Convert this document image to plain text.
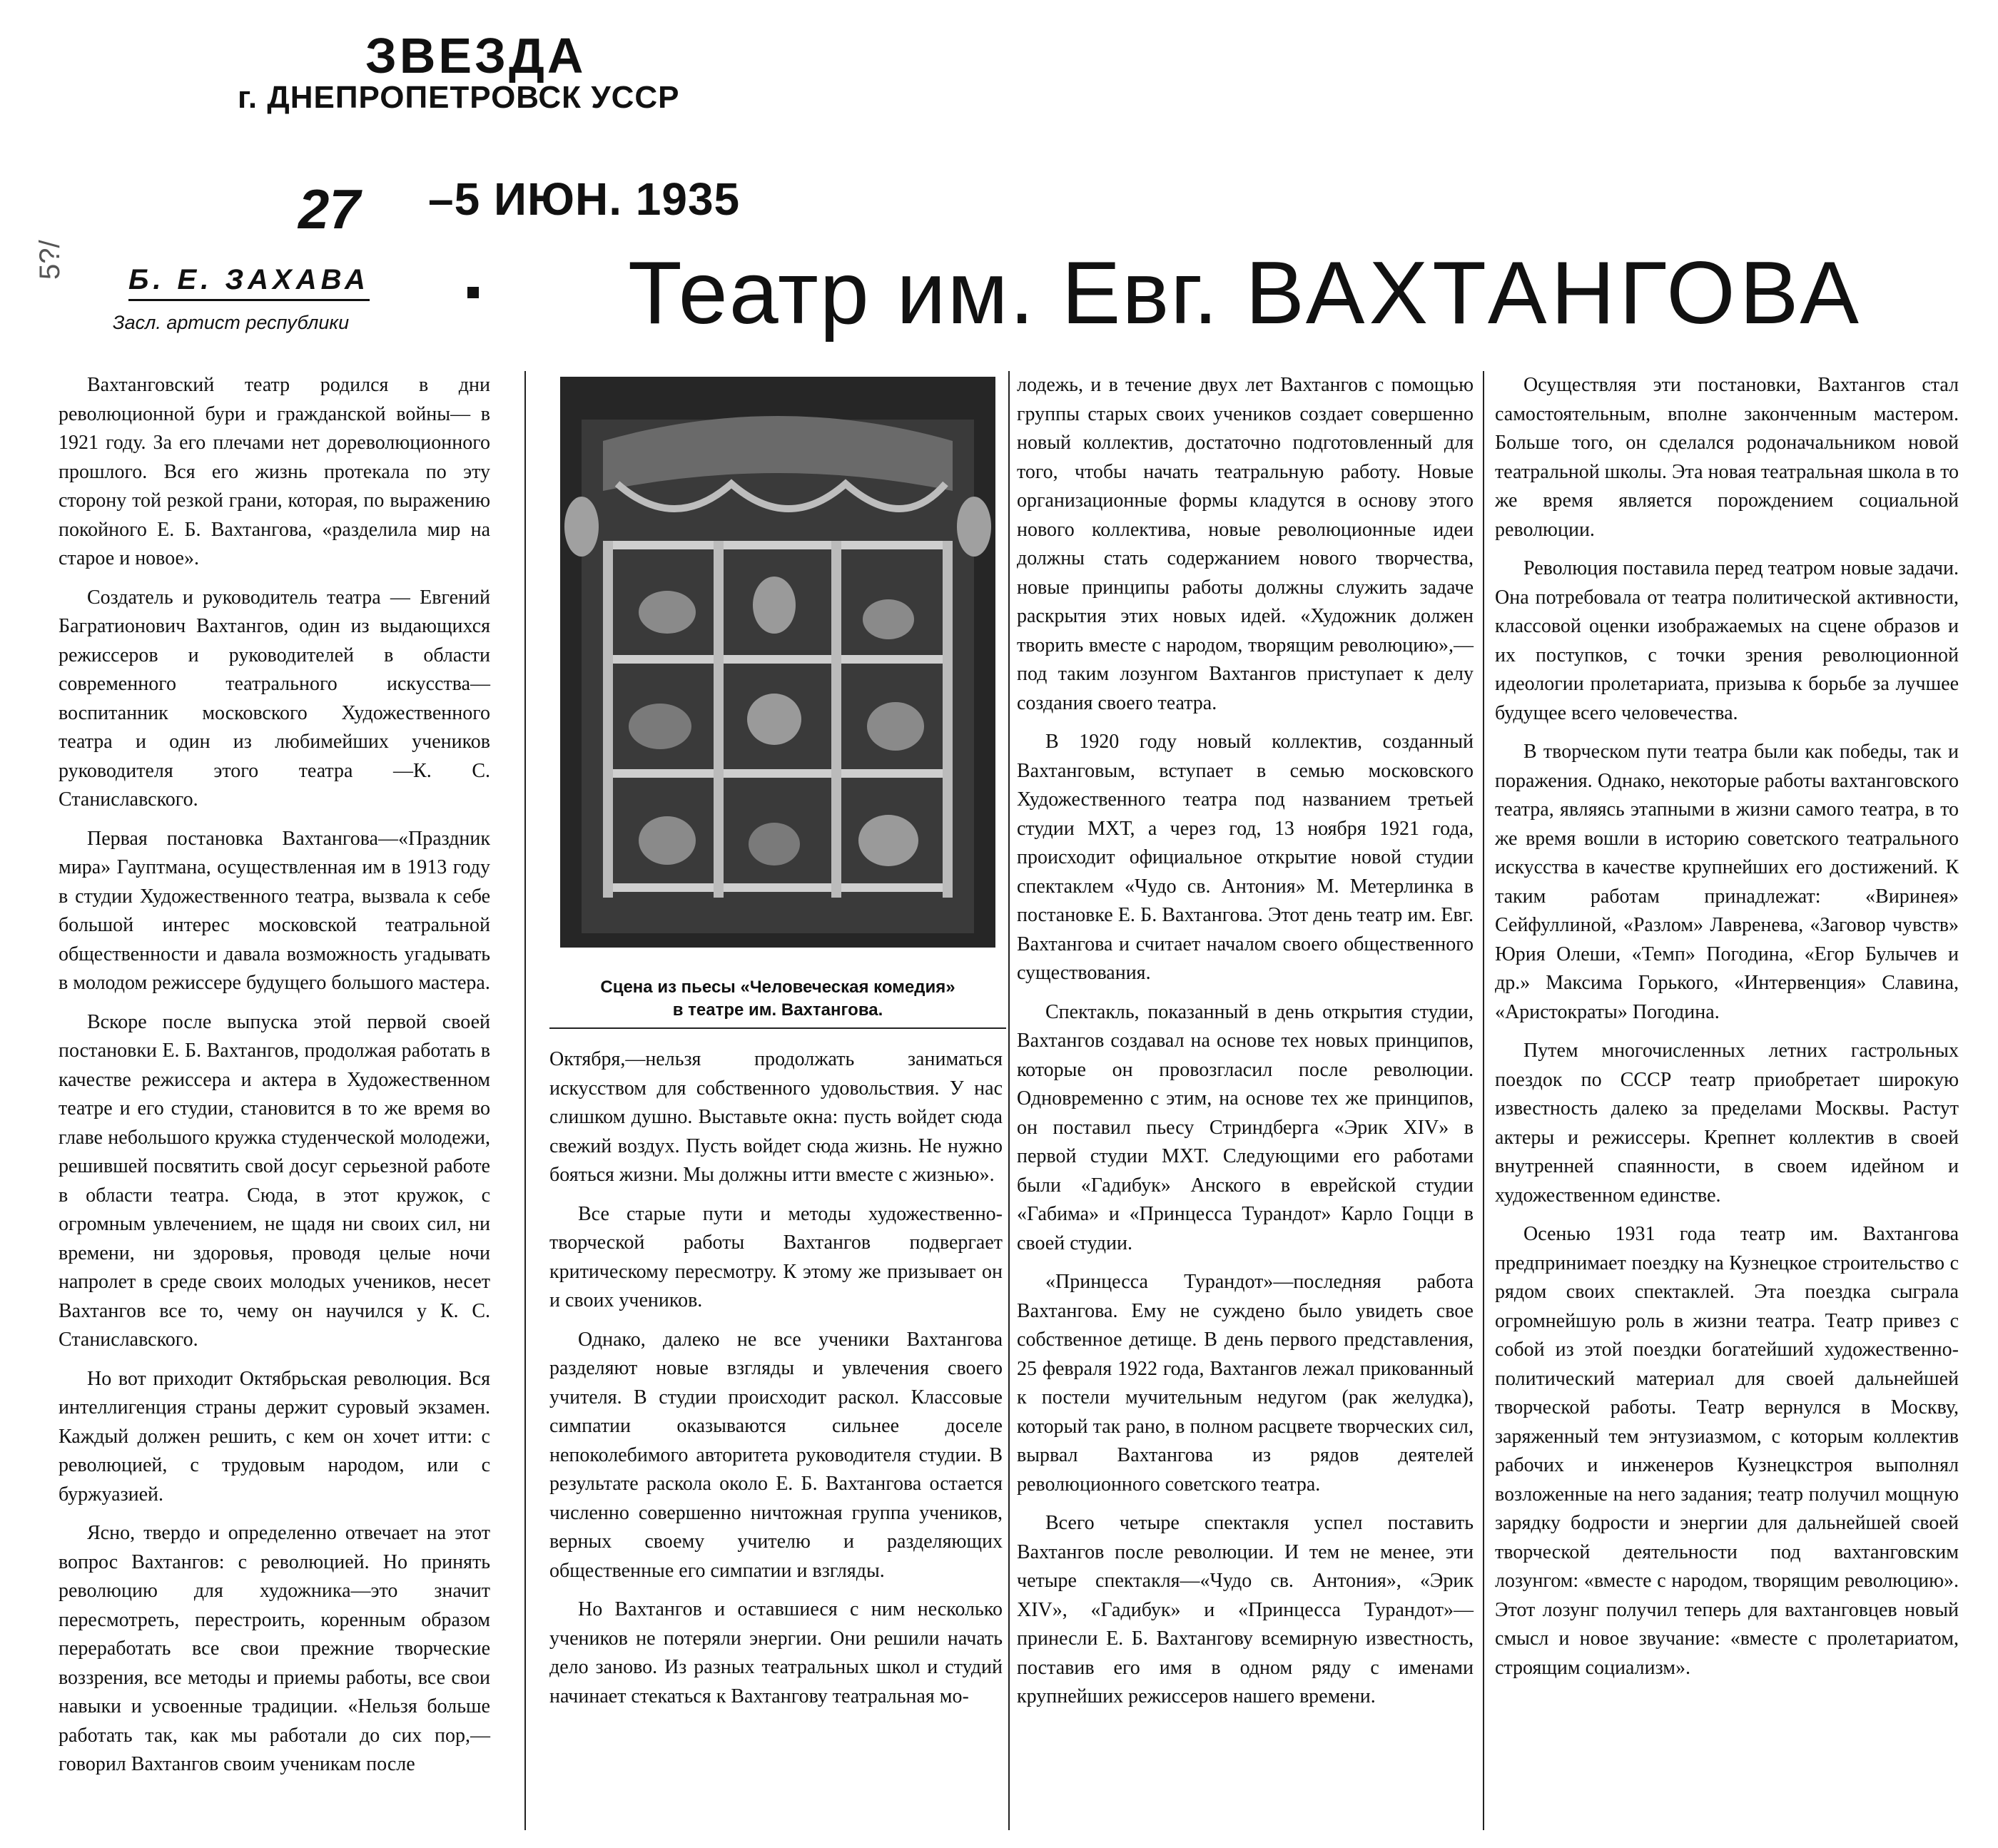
ЗВЕЗДА
г. ДНЕПРОПЕТРОВСК УССР
27 –5 ИЮН. 1935
5?/ Б. Е. ЗАХАВА
Засл. артист республики	Театр им. Евг. ВАХТАНГОВА

Вахтанговский театр родился в дни революционной бури и гражданской войны— в 1921 году. За его плечами нет дореволюционного прошлого. Вся его жизнь протекала по эту сторону той резкой грани, которая, по выражению покойного Е. Б. Вахтангова, «разделила мир на старое и новое».

Создатель и руководитель театра — Евгений Багратионович Вахтангов, один из выдающихся режиссеров и руководителей в области современного театрального искусства—воспитанник московского Художественного театра и один из любимейших учеников руководителя этого театра —К. С. Станиславского.

Первая постановка Вахтангова—«Праздник мира» Гауптмана, осуществленная им в 1913 году в студии Художественного театра, вызвала к себе большой интерес московской театральной общественности и давала возможность угадывать в молодом режиссере будущего большого мастера.

Вскоре после выпуска этой первой своей постановки Е. Б. Вахтангов, продолжая работать в качестве режиссера и актера в Художественном театре и его студии, становится в то же время во главе небольшого кружка студенческой молодежи, решившей посвятить свой досуг серьезной работе в области театра. Сюда, в этот кружок, с огромным увлечением, не щадя ни своих сил, ни времени, ни здоровья, проводя целые ночи напролет в среде своих молодых учеников, несет Вахтангов все то, чему он научился у К. С. Станиславского.

Но вот приходит Октябрьская революция. Вся интеллигенция страны держит суровый экзамен. Каждый должен решить, с кем он хочет итти: с революцией, с трудовым народом, или с буржуазией.

Ясно, твердо и определенно отвечает на этот вопрос Вахтангов: с революцией. Но принять революцию для художника—это значит пересмотреть, перестроить, коренным образом переработать все свои прежние творческие воззрения, все методы и приемы работы, все свои навыки и усвоенные традиции. «Нельзя больше работать так, как мы работали до сих пор,— говорил Вахтангов своим ученикам после

Сцена из пьесы «Человеческая комедия»
в театре им. Вахтангова.

Октября,—нельзя продолжать заниматься искусством для собственного удовольствия. У нас слишком душно. Выставьте окна: пусть войдет сюда свежий воздух. Пусть войдет сюда жизнь. Не нужно бояться жизни. Мы должны итти вместе с жизнью».

Все старые пути и методы художественно-творческой работы Вахтангов подвергает критическому пересмотру. К этому же призывает он и своих учеников.

Однако, далеко не все ученики Вахтангова разделяют новые взгляды и увлечения своего учителя. В студии происходит раскол. Классовые симпатии оказываются сильнее доселе непоколебимого авторитета руководителя студии. В результате раскола около Е. Б. Вахтангова остается численно совершенно ничтожная группа учеников, верных своему учителю и разделяющих общественные его симпатии и взгляды.

Но Вахтангов и оставшиеся с ним несколько учеников не потеряли энергии. Они решили начать дело заново. Из разных театральных школ и студий начинает стекаться к Вахтангову театральная мо-

лодежь, и в течение двух лет Вахтангов с помощью группы старых своих учеников создает совершенно новый коллектив, достаточно подготовленный для того, чтобы начать театральную работу. Новые организационные формы кладутся в основу этого нового коллектива, новые революционные идеи должны стать содержанием нового творчества, новые принципы работы должны служить задаче раскрытия этих новых идей. «Художник должен творить вместе с народом, творящим революцию»,—под таким лозунгом Вахтангов приступает к делу создания своего театра.

В 1920 году новый коллектив, созданный Вахтанговым, вступает в семью московского Художественного театра под названием третьей студии МХТ, а через год, 13 ноября 1921 года, происходит официальное открытие новой студии спектаклем «Чудо св. Антония» М. Метерлинка в постановке Е. Б. Вахтангова. Этот день театр им. Евг. Вахтангова и считает началом своего общественного существования.

Спектакль, показанный в день открытия студии, Вахтангов создавал на основе тех новых принципов, которые он провозгласил после революции. Одновременно с этим, на основе тех же принципов, он поставил пьесу Стриндберга «Эрик XIV» в первой студии МХТ. Следующими его работами были «Гадибук» Анского в еврейской студии «Габима» и «Принцесса Турандот» Карло Гоцци в своей студии.

«Принцесса Турандот»—последняя работа Вахтангова. Ему не суждено было увидеть свое собственное детище. В день первого представления, 25 февраля 1922 года, Вахтангов лежал прикованный к постели мучительным недугом (рак желудка), который так рано, в полном расцвете творческих сил, вырвал Вахтангова из рядов деятелей революционного советского театра.

Всего четыре спектакля успел поставить Вахтангов после революции. И тем не менее, эти четыре спектакля—«Чудо св. Антония», «Эрик XIV», «Гадибук» и «Принцесса Турандот»—принесли Е. Б. Вахтангову всемирную известность, поставив его имя в одном ряду с именами крупнейших режиссеров нашего времени.

Осуществляя эти постановки, Вахтангов стал самостоятельным, вполне законченным мастером. Больше того, он сделался родоначальником новой театральной школы. Эта новая театральная школа в то же время является порождением социальной революции.

Революция поставила перед театром новые задачи. Она потребовала от театра политической активности, классовой оценки изображаемых на сцене образов и их поступков, с точки зрения революционной идеологии пролетариата, призыва к борьбе за лучшее будущее всего человечества.

В творческом пути театра были как победы, так и поражения. Однако, некоторые работы вахтанговского театра, являясь этапными в жизни самого театра, в то же время вошли в историю советского театрального искусства в качестве крупнейших его достижений. К таким работам принадлежат: «Виринея» Сейфуллиной, «Разлом» Лавренева, «Заговор чувств» Юрия Олеши, «Темп» Погодина, «Егор Булычев и др.» Максима Горького, «Интервенция» Славина, «Аристократы» Погодина.

Путем многочисленных летних гастрольных поездок по СССР театр приобретает широкую известность далеко за пределами Москвы. Растут актеры и режиссеры. Крепнет коллектив в своей внутренней спаянности, в своем идейном и художественном единстве.

Осенью 1931 года театр им. Вахтангова предпринимает поездку на Кузнецкое строительство с рядом своих спектаклей. Эта поездка сыграла огромнейшую роль в жизни театра. Театр привез с собой из этой поездки богатейший художественно-политический материал для своей дальнейшей творческой работы. Театр вернулся в Москву, заряженный тем энтузиазмом, с которым коллектив рабочих и инженеров Кузнецкстроя выполнял возложенные на него задания; театр получил мощную зарядку бодрости и энергии для дальнейшей своей творческой деятельности под вахтанговским лозунгом: «вместе с народом, творящим революцию». Этот лозунг получил теперь для вахтанговцев новый смысл и новое звучание: «вместе с пролетариатом, строящим социализм».
